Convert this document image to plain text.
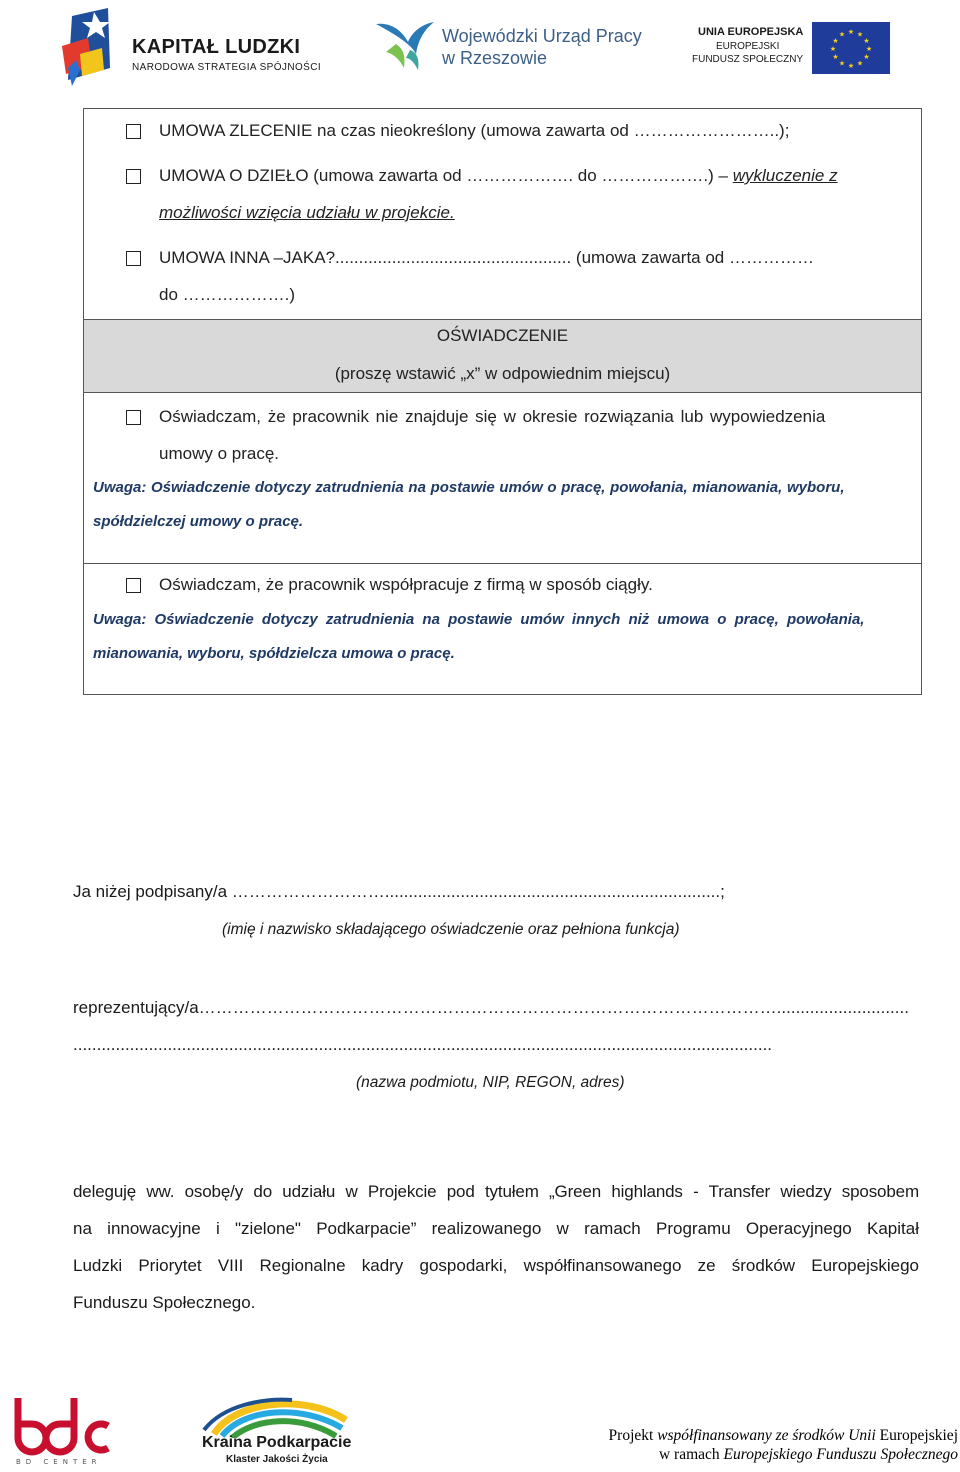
KAPITAŁ LUDZKI
NARODOWA STRATEGIA SPÓJNOŚCI
Wojewódzki Urząd Pracy
w Rzeszowie
UNIA EUROPEJSKA
EUROPEJSKI
FUNDUSZ SPOŁECZNY
★ ★
★
★
★
★
★
★
★
★
★
★
UMOWA ZLECENIE na czas nieokreślony (umowa zawarta od ……………………..);
UMOWA O DZIEŁO (umowa zawarta od ………………. do ……………….) – wykluczenie z
możliwości wzięcia udziału w projekcie.
UMOWA INNA –JAKA?.................................................. (umowa zawarta od ……………
do ……………….)
OŚWIADCZENIE
(proszę wstawić „x” w odpowiednim miejscu)
Oświadczam, że pracownik nie znajduje się w okresie rozwiązania lub wypowiedzenia
umowy o pracę.
Uwaga: Oświadczenie dotyczy zatrudnienia na postawie umów o pracę, powołania, mianowania, wyboru,
spółdzielczej umowy o pracę.
Oświadczam, że pracownik współpracuje z firmą w sposób ciągły.
Uwaga: Oświadczenie dotyczy zatrudnienia na postawie umów innych niż umowa o pracę, powołania,
mianowania, wyboru, spółdzielcza umowa o pracę.
Ja niżej podpisany/a ……………………….......................................................................;
(imię i nazwisko składającego oświadczenie oraz pełniona funkcja)
reprezentujący/a…………………………………………………………………………………………............................
....................................................................................................................................................
(nazwa podmiotu, NIP, REGON, adres)
deleguję ww. osobę/y do udziału w Projekcie pod tytułem „Green highlands - Transfer wiedzy sposobem
na innowacyjne i "zielone" Podkarpacie” realizowanego w ramach Programu Operacyjnego Kapitał
Ludzki Priorytet VIII Regionalne kadry gospodarki, współfinansowanego ze środków Europejskiego
Funduszu Społecznego.
BD CENTER
Kraina Podkarpacie
Klaster Jakości Życia
Projekt współfinansowany ze środków Unii Europejskiej
w ramach Europejskiego Funduszu Społecznego
